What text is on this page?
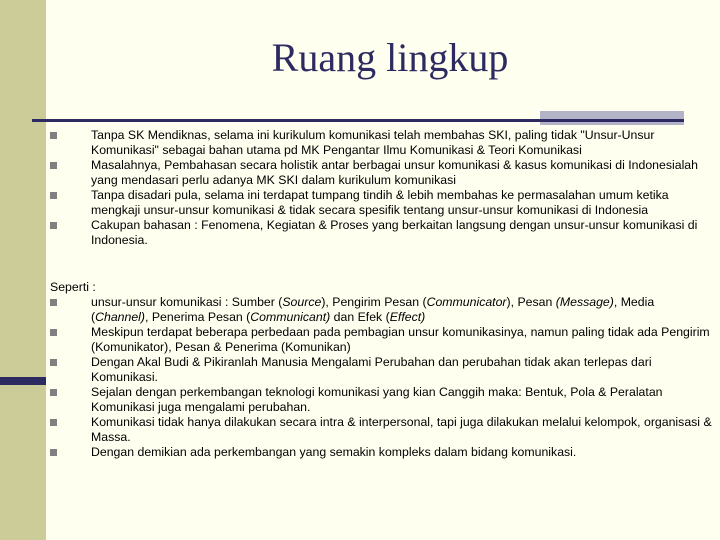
Ruang lingkup
Tanpa SK Mendiknas, selama ini kurikulum komunikasi telah membahas SKI, paling tidak "Unsur-Unsur Komunikasi" sebagai bahan utama pd MK Pengantar Ilmu Komunikasi & Teori Komunikasi
Masalahnya, Pembahasan secara holistik antar berbagai unsur komunikasi & kasus komunikasi di Indonesialah yang mendasari perlu adanya MK SKI dalam kurikulum komunikasi
Tanpa disadari pula, selama ini terdapat tumpang tindih & lebih membahas ke permasalahan umum ketika mengkaji unsur-unsur komunikasi & tidak secara spesifik tentang unsur-unsur komunikasi di Indonesia
Cakupan bahasan : Fenomena, Kegiatan & Proses yang berkaitan langsung dengan unsur-unsur komunikasi di Indonesia.
Seperti :
unsur-unsur komunikasi : Sumber (Source), Pengirim Pesan (Communicator), Pesan (Message), Media (Channel), Penerima Pesan (Communicant) dan Efek (Effect)
Meskipun terdapat beberapa perbedaan pada pembagian unsur komunikasinya, namun paling tidak ada Pengirim (Komunikator), Pesan & Penerima (Komunikan)
Dengan Akal Budi & Pikiranlah Manusia Mengalami Perubahan dan perubahan tidak akan terlepas dari Komunikasi.
Sejalan dengan perkembangan teknologi komunikasi yang kian Canggih maka: Bentuk, Pola & Peralatan Komunikasi juga mengalami perubahan.
Komunikasi tidak hanya dilakukan secara intra & interpersonal, tapi juga dilakukan melalui kelompok, organisasi & Massa.
Dengan demikian ada perkembangan yang semakin kompleks dalam bidang komunikasi.
